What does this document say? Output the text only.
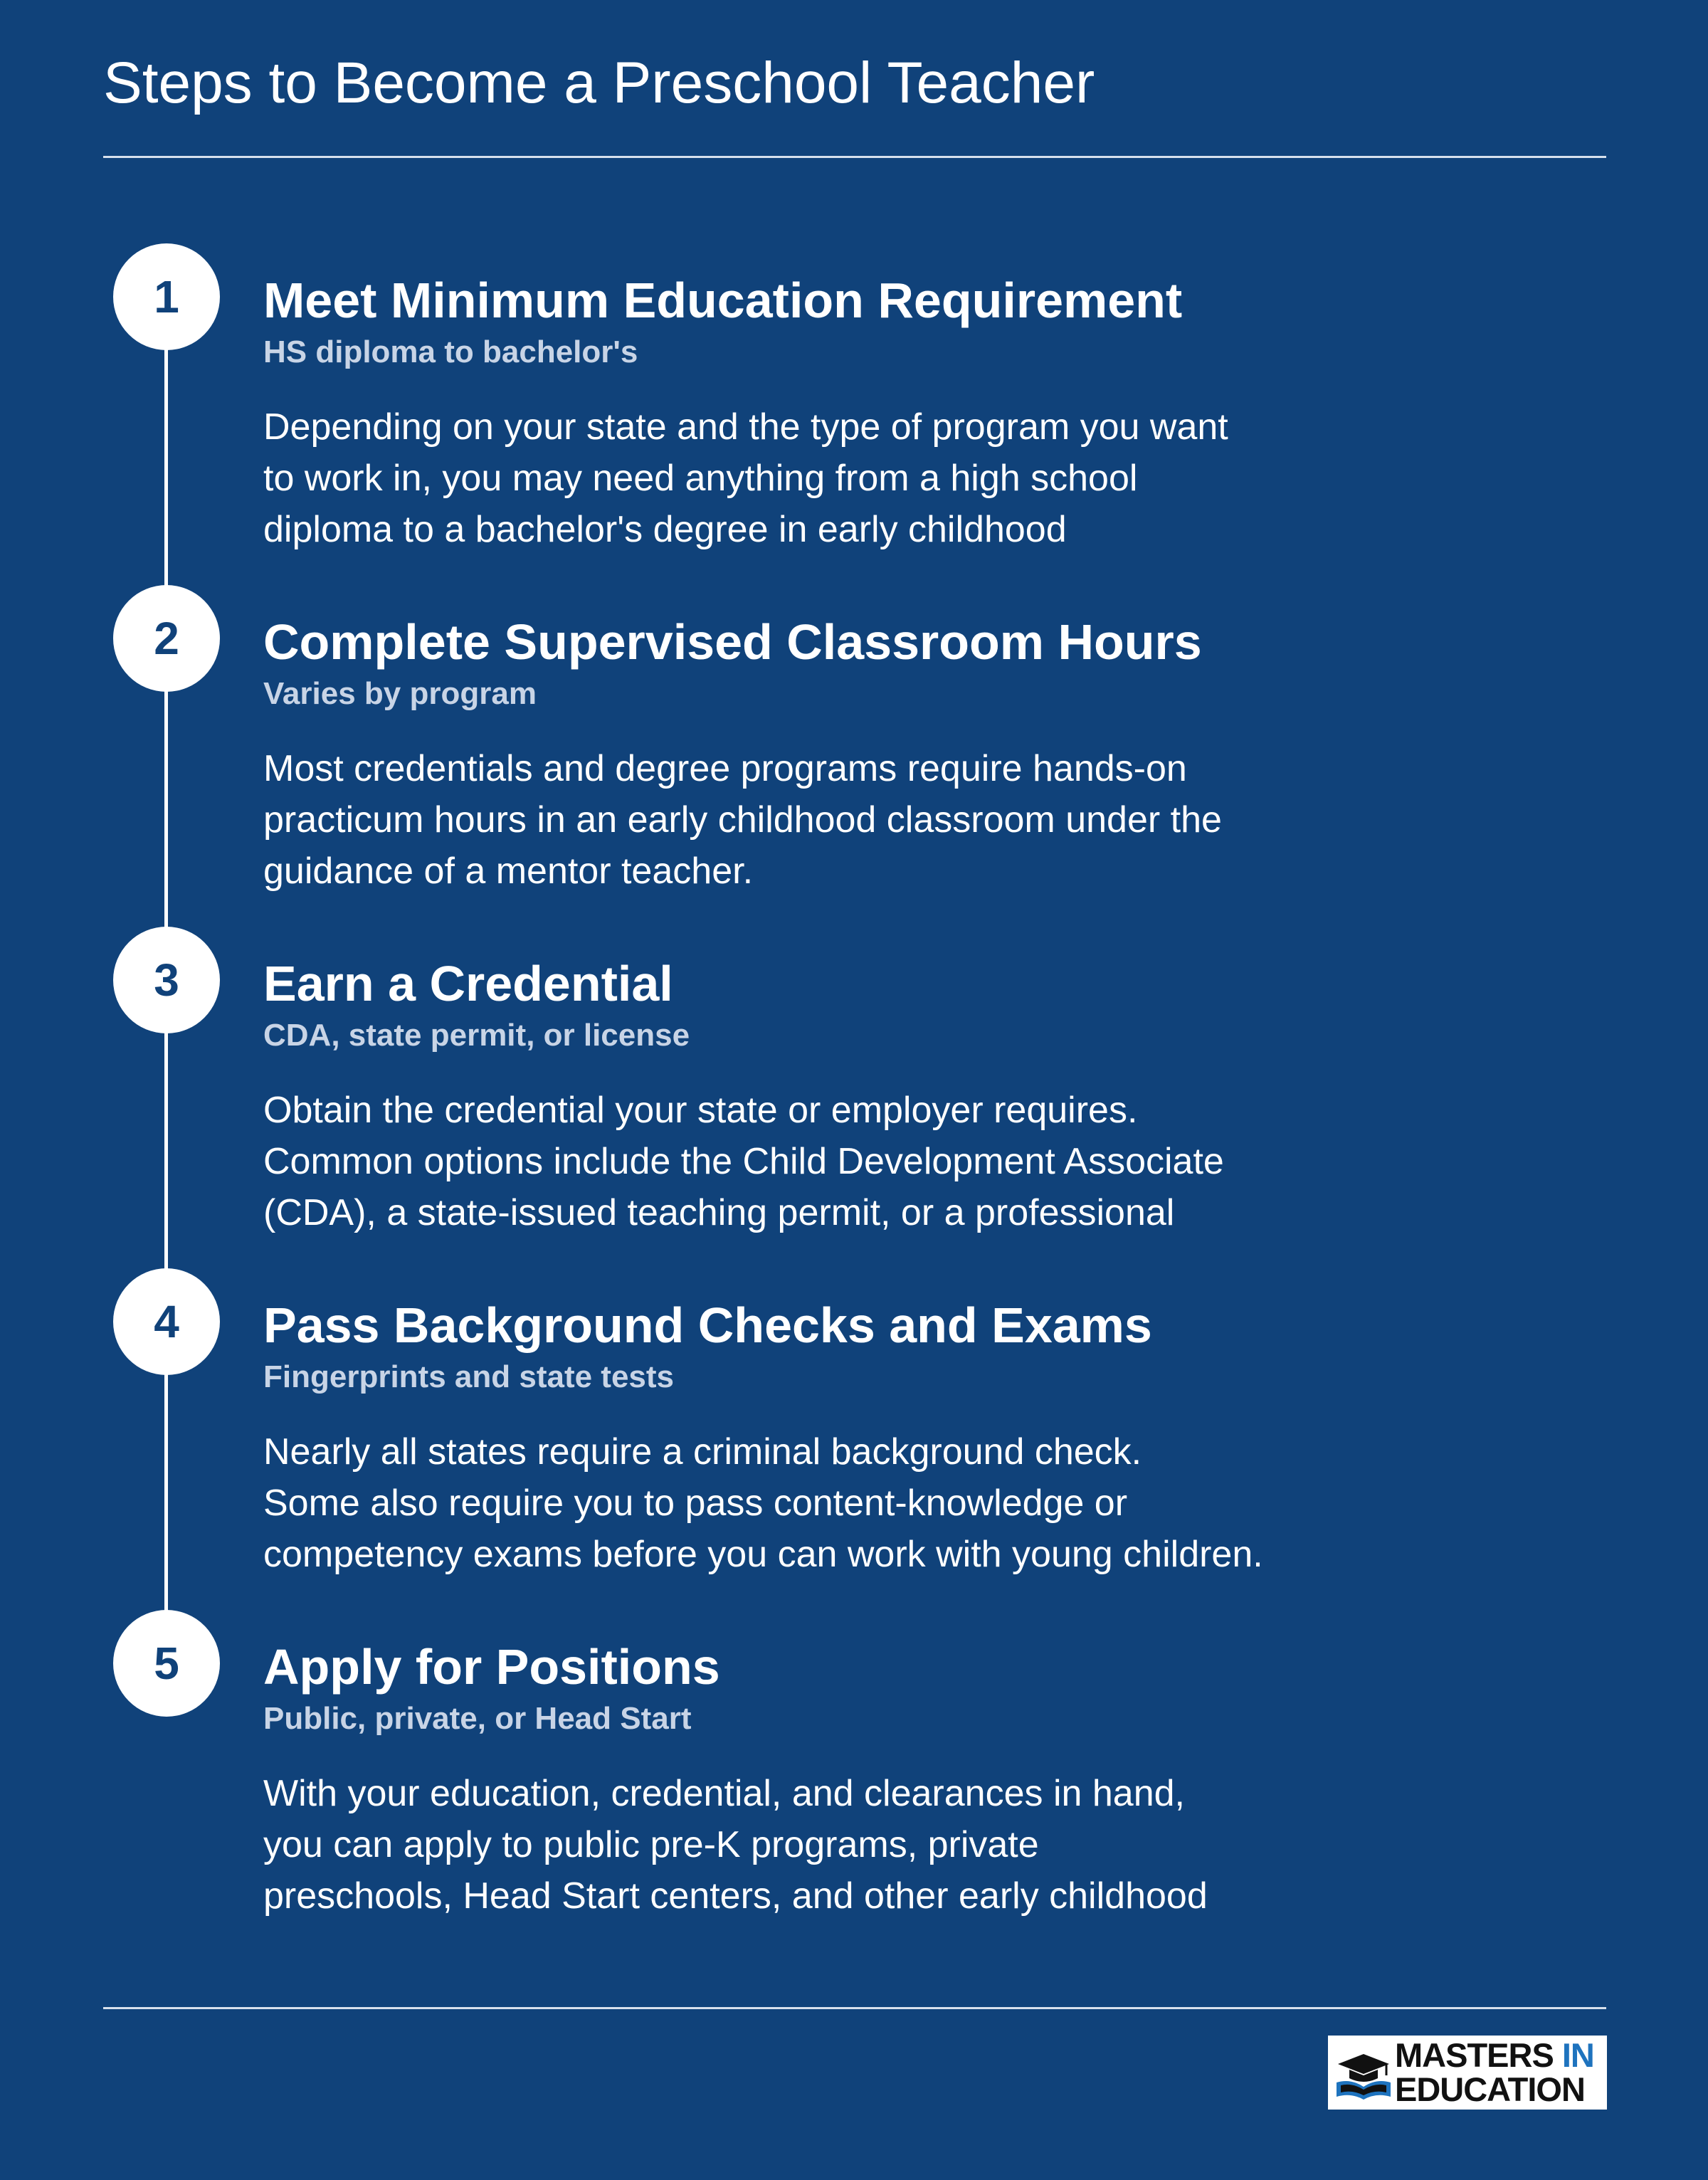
Steps to Become a Preschool Teacher
1	Meet Minimum Education Requirement
HS diploma to bachelor's
Depending on your state and the type of program you want
to work in, you may need anything from a high school
diploma to a bachelor's degree in early childhood
2	Complete Supervised Classroom Hours
Varies by program
Most credentials and degree programs require hands-on
practicum hours in an early childhood classroom under the
guidance of a mentor teacher.
3	Earn a Credential
CDA, state permit, or license
Obtain the credential your state or employer requires.
Common options include the Child Development Associate
(CDA), a state-issued teaching permit, or a professional
4	Pass Background Checks and Exams
Fingerprints and state tests
Nearly all states require a criminal background check.
Some also require you to pass content-knowledge or
competency exams before you can work with young children.
5	Apply for Positions
Public, private, or Head Start
With your education, credential, and clearances in hand,
you can apply to public pre-K programs, private
preschools, Head Start centers, and other early childhood
MASTERS IN
EDUCATION
